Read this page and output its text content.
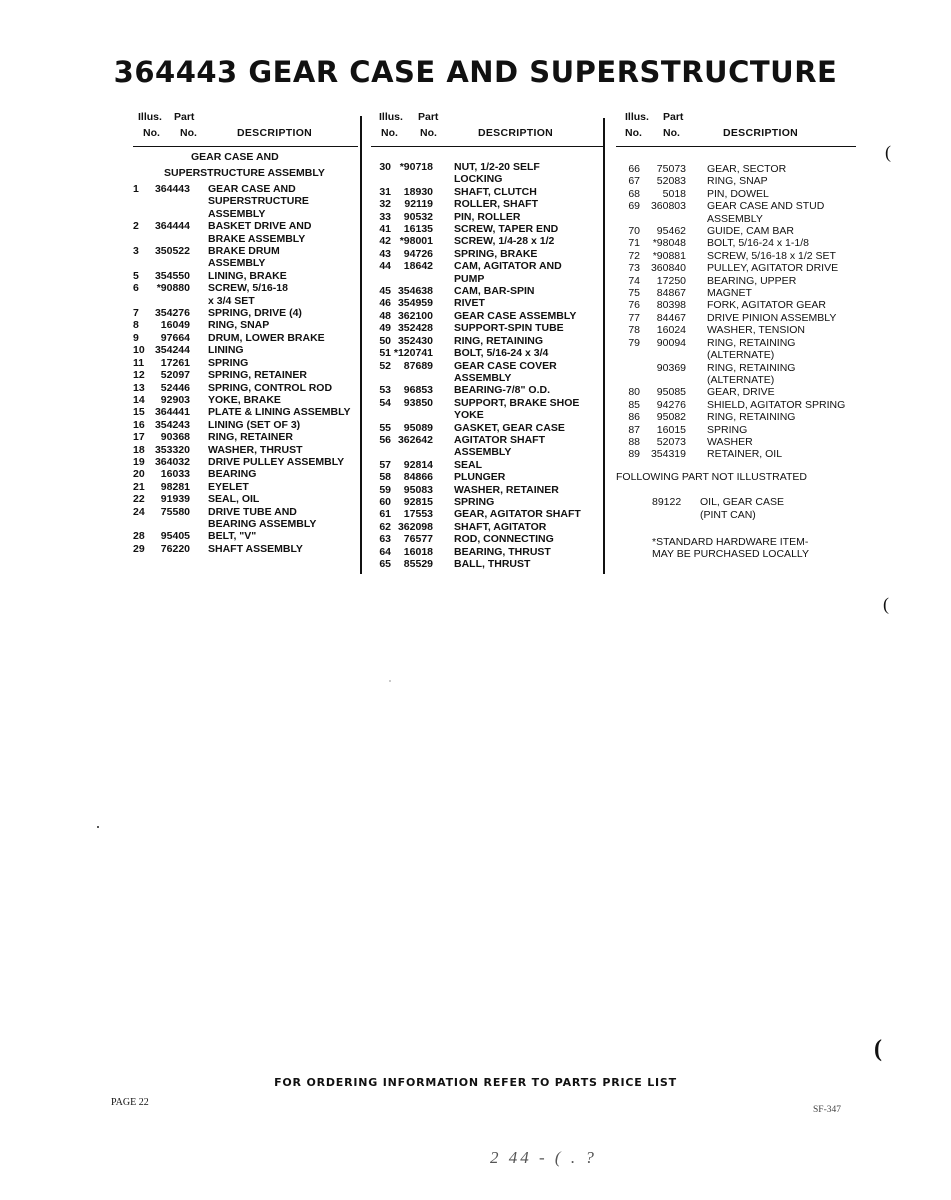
364443 GEAR CASE AND SUPERSTRUCTURE
Illus. Part
No. No.	DESCRIPTION
GEAR CASE AND
SUPERSTRUCTURE ASSEMBLY
1	364443	GEAR CASE AND
SUPERSTRUCTURE
ASSEMBLY
2	364444	BASKET DRIVE AND
BRAKE ASSEMBLY
3	350522	BRAKE DRUM
ASSEMBLY
5	354550	LINING, BRAKE
6	*90880	SCREW, 5/16-18
x 3/4 SET
7	354276	SPRING, DRIVE (4)
8	16049	RING, SNAP
9	97664	DRUM, LOWER BRAKE
10 354244	LINING
11	17261	SPRING
12	52097	SPRING, RETAINER
13	52446	SPRING, CONTROL ROD
14	92903	YOKE, BRAKE
15 364441	PLATE & LINING ASSEMBLY
16 354243	LINING (SET OF 3)
17	90368	RING, RETAINER
18 353320	WASHER, THRUST
19 364032	DRIVE PULLEY ASSEMBLY
20	16033	BEARING
21	98281	EYELET
22	91939	SEAL, OIL
24	75580	DRIVE TUBE AND
BEARING ASSEMBLY
28	95405	BELT, "V"
29	76220	SHAFT ASSEMBLY
Illus. Part
No. No.	DESCRIPTION
30 *90718	NUT, 1/2-20 SELF
LOCKING
31	18930	SHAFT, CLUTCH
32	92119	ROLLER, SHAFT
33	90532	PIN, ROLLER
41	16135	SCREW, TAPER END
42 *98001	SCREW, 1/4-28 x 1/2
43	94726	SPRING, BRAKE
44	18642	CAM, AGITATOR AND
PUMP
45 354638	CAM, BAR-SPIN
46 354959	RIVET
48 362100	GEAR CASE ASSEMBLY
49 352428	SUPPORT-SPIN TUBE
50 352430	RING, RETAINING
51 *120741	BOLT, 5/16-24 x 3/4
52	87689	GEAR CASE COVER
ASSEMBLY
53	96853	BEARING-7/8" O.D.
54	93850	SUPPORT, BRAKE SHOE
YOKE
55	95089	GASKET, GEAR CASE
56 362642	AGITATOR SHAFT
ASSEMBLY
57	92814	SEAL
58	84866	PLUNGER
59	95083	WASHER, RETAINER
60	92815	SPRING
61	17553	GEAR, AGITATOR SHAFT
62 362098	SHAFT, AGITATOR
63	76577	ROD, CONNECTING
64	16018	BEARING, THRUST
65	85529	BALL, THRUST
Illus. Part
No. No.	DESCRIPTION
66	75073	GEAR, SECTOR
67	52083	RING, SNAP
68	5018	PIN, DOWEL
69	360803	GEAR CASE AND STUD
ASSEMBLY
70	95462	GUIDE, CAM BAR
71	*98048	BOLT, 5/16-24 x 1-1/8
72	*90881	SCREW, 5/16-18 x 1/2 SET
73	360840	PULLEY, AGITATOR DRIVE
74	17250	BEARING, UPPER
75	84867	MAGNET
76	80398	FORK, AGITATOR GEAR
77	84467	DRIVE PINION ASSEMBLY
78	16024	WASHER, TENSION
79	90094	RING, RETAINING
(ALTERNATE)
90369	RING, RETAINING
(ALTERNATE)
80	95085	GEAR, DRIVE
85	94276	SHIELD, AGITATOR SPRING
86	95082	RING, RETAINING
87	16015	SPRING
88	52073	WASHER
89	354319	RETAINER, OIL
FOLLOWING PART NOT ILLUSTRATED
89122	OIL, GEAR CASE
(PINT CAN)
*STANDARD HARDWARE ITEM-
MAY BE PURCHASED LOCALLY
FOR ORDERING INFORMATION REFER TO PARTS PRICE LIST
PAGE 22
SF-347
2 44 - ( . ?
(
(
(
